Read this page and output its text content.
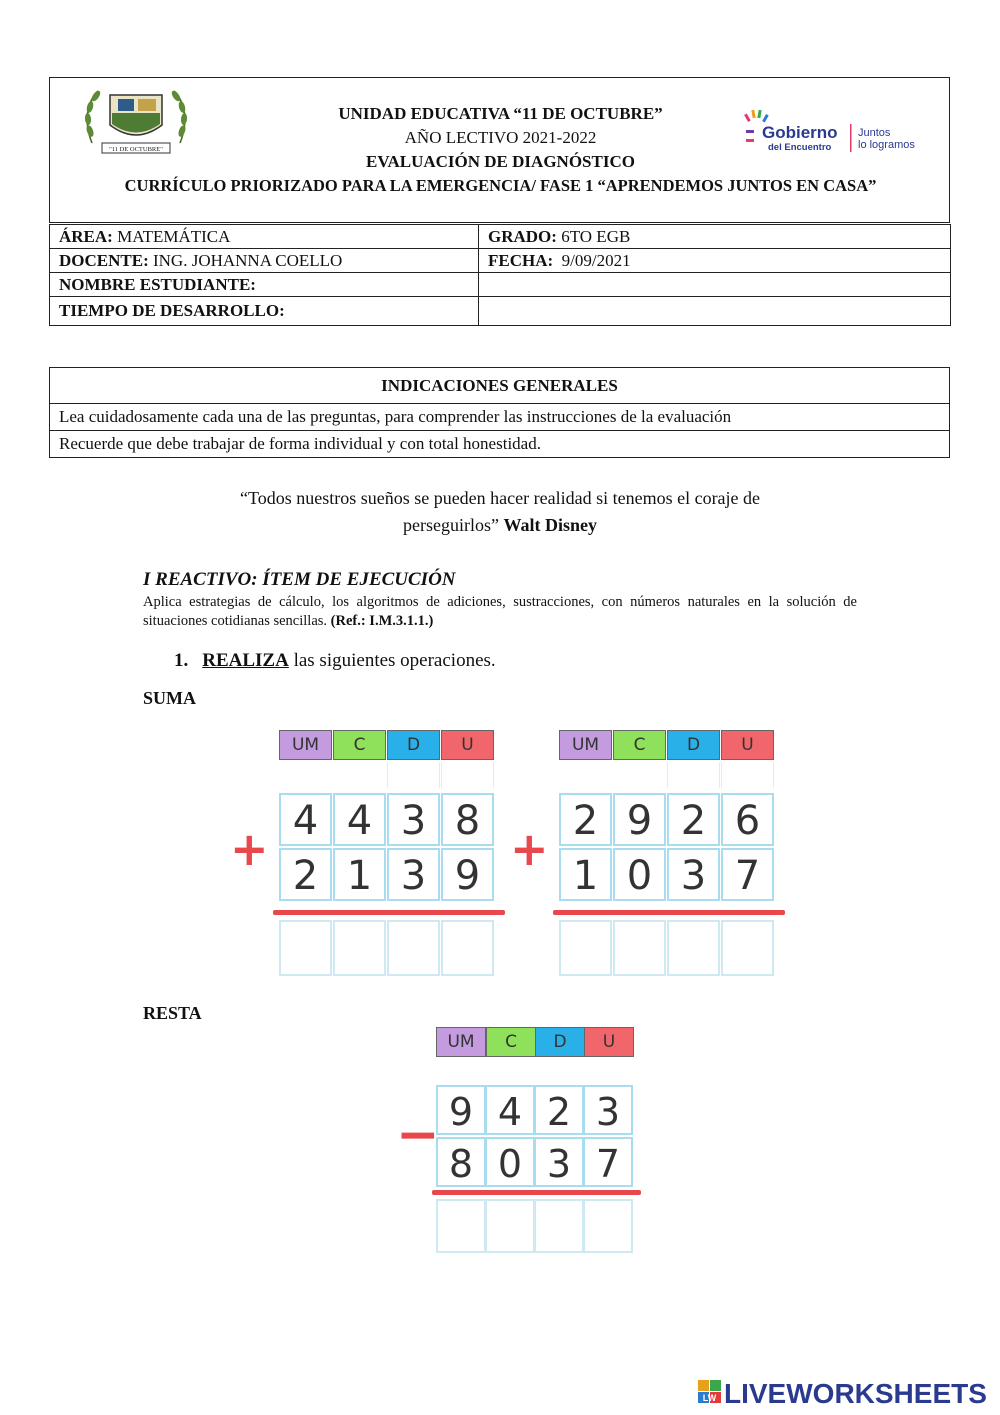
UNIDAD EDUCATIVA “11 DE OCTUBRE”
AÑO LECTIVO 2021-2022
EVALUACIÓN DE DIAGNÓSTICO
CURRÍCULO PRIORIZADO PARA LA EMERGENCIA/ FASE 1 “APRENDEMOS JUNTOS EN CASA”
"11 DE OCTUBRE"
Gobierno
del Encuentro
Juntos
lo logramos
ÁREA: MATEMÁTICA	GRADO: 6TO EGB
DOCENTE: ING. JOHANNA COELLO	FECHA: 9/09/2021
NOMBRE ESTUDIANTE:	
TIEMPO DE DESARROLLO:	
INDICACIONES GENERALES
Lea cuidadosamente cada una de las preguntas, para comprender las instrucciones de la evaluación
Recuerde que debe trabajar de forma individual y con total honestidad.
“Todos nuestros sueños se pueden hacer realidad si tenemos el coraje de
perseguirlos” Walt Disney
I REACTIVO: ÍTEM DE EJECUCIÓN
Aplica estrategias de cálculo, los algoritmos de adiciones, sustracciones, con números naturales en la solución de situaciones cotidianas sencillas. (Ref.: I.M.3.1.1.)
1. REALIZA las siguientes operaciones.
SUMA
RESTA
UM	C	D	U
4 4 3 8
2 1 3 9
+
UM	C	D	U
2 9 2 6
1 0 3 7
+
UM	C	D	U
9 4 2 3
8 0 3 7
−
LW LIVEWORKSHEETS
